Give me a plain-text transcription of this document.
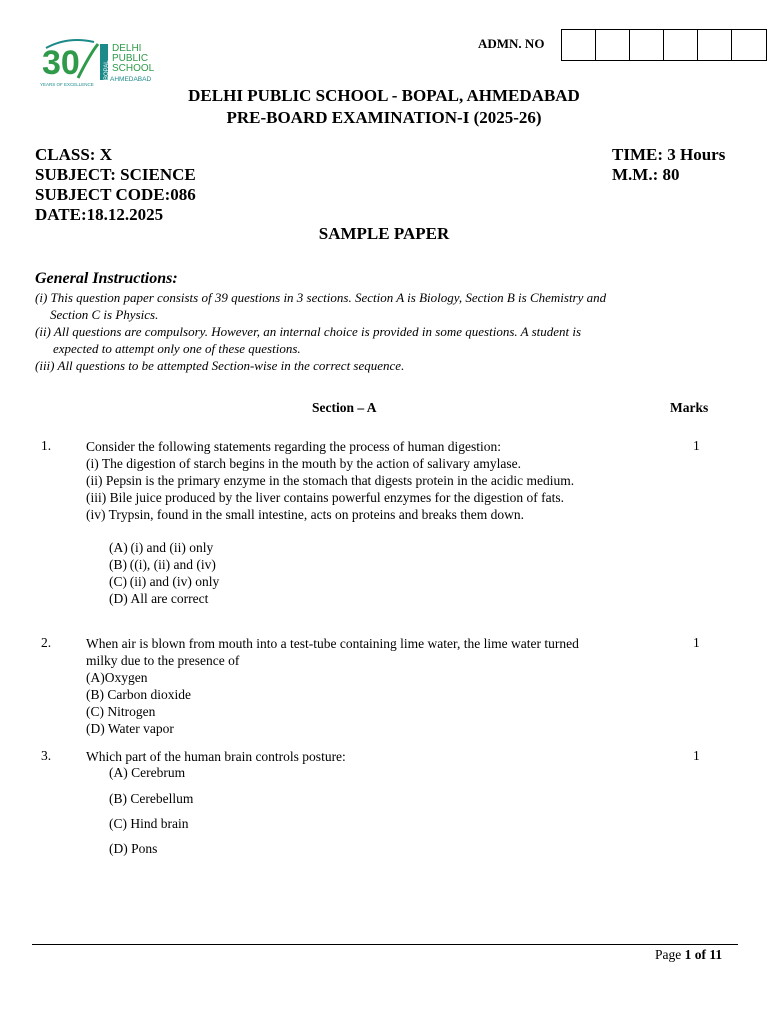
30	BOPAL
DELHI
PUBLIC
SCHOOL
AHMEDABAD
YEARS OF EXCELLENCE
ADMN. NO
DELHI PUBLIC SCHOOL - BOPAL, AHMEDABAD
PRE-BOARD EXAMINATION-I (2025-26)
CLASS: X
SUBJECT: SCIENCE
SUBJECT CODE:086
DATE:18.12.2025
TIME: 3 Hours
M.M.: 80
SAMPLE PAPER
General Instructions:
(i) This question paper consists of 39 questions in 3 sections. Section A is Biology, Section B is Chemistry and
Section C is Physics.
(ii) All questions are compulsory. However, an internal choice is provided in some questions. A student is
expected to attempt only one of these questions.
(iii) All questions to be attempted Section-wise in the correct sequence.
Section – A	Marks
1.	1
Consider the following statements regarding the process of human digestion:
(i) The digestion of starch begins in the mouth by the action of salivary amylase.
(ii) Pepsin is the primary enzyme in the stomach that digests protein in the acidic medium.
(iii) Bile juice produced by the liver contains powerful enzymes for the digestion of fats.
(iv) Trypsin, found in the small intestine, acts on proteins and breaks them down.
(A) (i) and (ii) only
(B) ((i), (ii) and (iv)
(C) (ii) and (iv) only
(D) All are correct
2.	1
When air is blown from mouth into a test-tube containing lime water, the lime water turned
milky due to the presence of
(A)Oxygen
(B) Carbon dioxide
(C) Nitrogen
(D) Water vapor
3.	1
Which part of the human brain controls posture:
(A) Cerebrum
(B) Cerebellum
(C) Hind brain
(D) Pons
Page 1 of 11
